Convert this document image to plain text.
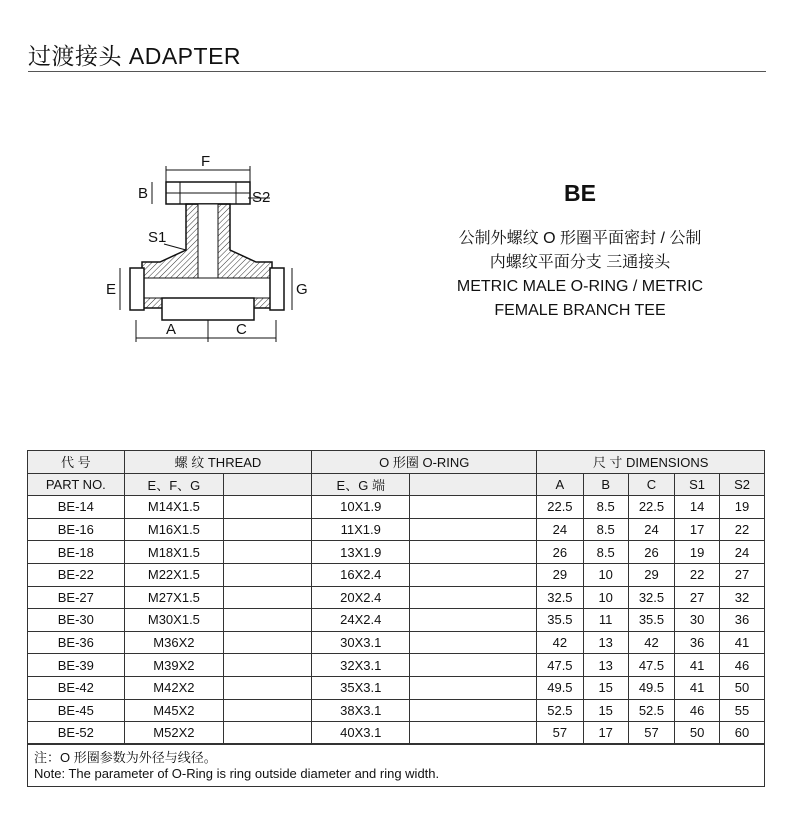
过渡接头 ADAPTER
F
B	S2
S1
E	G
A	C
BE
公制外螺纹 O 形圈平面密封 / 公制
内螺纹平面分支 三通接头
METRIC MALE O-RING / METRIC
FEMALE BRANCH TEE
代 号	螺 纹 THREAD		O 形圈 O-RING		尺 寸 DIMENSIONS				
PART NO.	E、F、G		E、G 端		A	B	C	S1	S2
BE-14	M14X1.5		10X1.9		22.5	8.5	22.5	14	19
BE-16	M16X1.5		11X1.9		24	8.5	24	17	22
BE-18	M18X1.5		13X1.9		26	8.5	26	19	24
BE-22	M22X1.5		16X2.4		29	10	29	22	27
BE-27	M27X1.5		20X2.4		32.5	10	32.5	27	32
BE-30	M30X1.5		24X2.4		35.5	11	35.5	30	36
BE-36	M36X2		30X3.1		42	13	42	36	41
BE-39	M39X2		32X3.1		47.5	13	47.5	41	46
BE-42	M42X2		35X3.1		49.5	15	49.5	41	50
BE-45	M45X2		38X3.1		52.5	15	52.5	46	55
BE-52	M52X2		40X3.1		57	17	57	50	60
注：O 形圈参数为外径与线径。
Note: The parameter of O-Ring is ring outside diameter and ring width.
